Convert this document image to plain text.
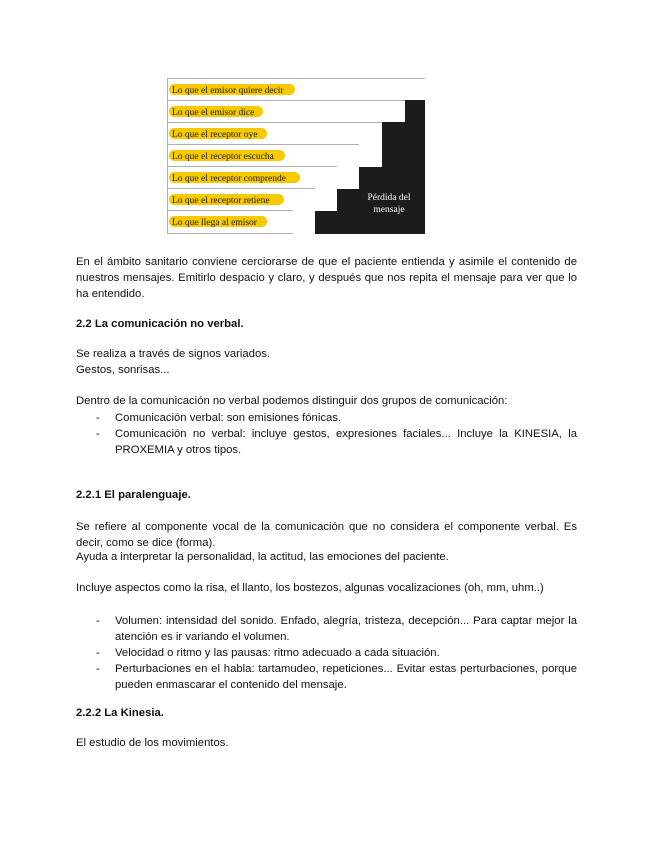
Lo que el emisor quiere decir
Lo que el emisor dice
Lo que el receptor oye
Lo que el receptor escucha
Lo que el receptor comprende
Lo que el receptor retiene
Lo que llega al emisor
Pérdida del
mensaje

En el ámbito sanitario conviene cerciorarse de que el paciente entienda y asimile el contenido de nuestros mensajes. Emitirlo despacio y claro, y después que nos repita el mensaje para ver que lo ha entendido.

2.2 La comunicación no verbal.

Se realiza a través de signos variados.

Gestos, sonrisas...

Dentro de la comunicación no verbal podemos distinguir dos grupos de comunicación:

- Comunicación verbal: son emisiones fónicas.
- Comunicación no verbal: incluye gestos, expresiones faciales... Incluye la KINESIA, la PROXEMIA y otros tipos.
2.2.1 El paralenguaje.

Se refiere al componente vocal de la comunicación que no considera el componente verbal. Es decir, como se dice (forma).

Ayuda a interpretar la personalidad, la actitud, las emociones del paciente.

Incluye aspectos como la risa, el llanto, los bostezos, algunas vocalizaciones (oh, mm, uhm..)

- Volumen: intensidad del sonido. Enfado, alegría, tristeza, decepción... Para captar mejor la atención es ir variando el volumen.
- Velocidad o ritmo y las pausas: ritmo adecuado a cada situación.
- Perturbaciones en el habla: tartamudeo, repeticiones... Evitar estas perturbaciones, porque pueden enmascarar el contenido del mensaje.
2.2.2 La Kinesia.

El estudio de los movimientos.
